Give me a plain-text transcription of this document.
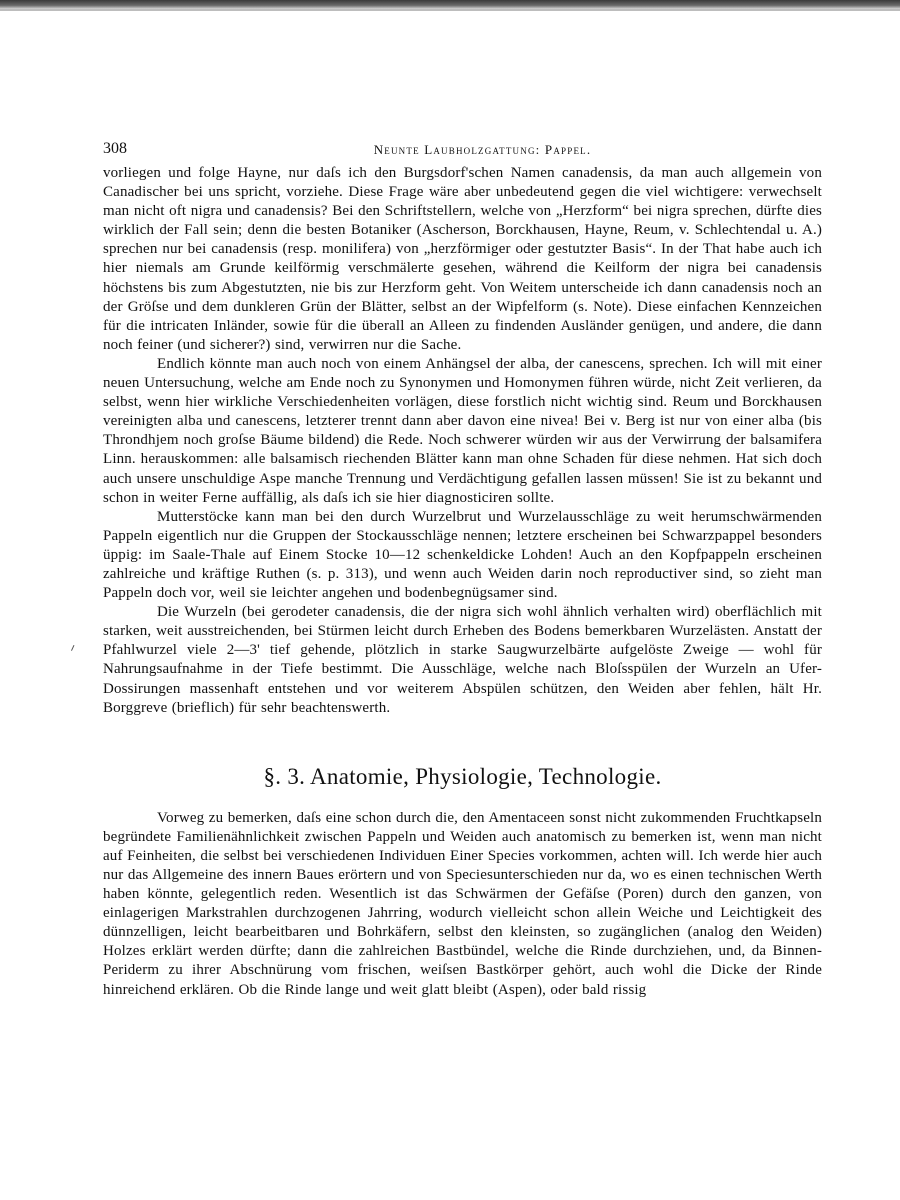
308	Neunte Laubholzgattung: Pappel.

vorliegen und folge Hayne, nur daſs ich den Burgsdorf'schen Namen canadensis, da man auch allgemein von Canadischer bei uns spricht, vorziehe. Diese Frage wäre aber unbedeutend gegen die viel wichtigere: verwechselt man nicht oft nigra und canadensis? Bei den Schriftstellern, welche von „Herzform“ bei nigra sprechen, dürfte dies wirklich der Fall sein; denn die besten Botaniker (Ascherson, Borckhausen, Hayne, Reum, v. Schlechtendal u. A.) sprechen nur bei canadensis (resp. monilifera) von „herzförmiger oder gestutzter Basis“. In der That habe auch ich hier niemals am Grunde keilförmig verschmälerte gesehen, während die Keilform der nigra bei canadensis höchstens bis zum Abgestutzten, nie bis zur Herzform geht. Von Weitem unterscheide ich dann canadensis noch an der Gröſse und dem dunkleren Grün der Blätter, selbst an der Wipfelform (s. Note). Diese einfachen Kennzeichen für die intricaten Inländer, sowie für die überall an Alleen zu findenden Ausländer genügen, und andere, die dann noch feiner (und sicherer?) sind, verwirren nur die Sache.

Endlich könnte man auch noch von einem Anhängsel der alba, der canescens, sprechen. Ich will mit einer neuen Untersuchung, welche am Ende noch zu Synonymen und Homonymen führen würde, nicht Zeit verlieren, da selbst, wenn hier wirkliche Verschiedenheiten vorlägen, diese forstlich nicht wichtig sind. Reum und Borckhausen vereinigten alba und canescens, letzterer trennt dann aber davon eine nivea! Bei v. Berg ist nur von einer alba (bis Throndhjem noch groſse Bäume bildend) die Rede. Noch schwerer würden wir aus der Verwirrung der balsamifera Linn. herauskommen: alle balsamisch riechenden Blätter kann man ohne Schaden für diese nehmen. Hat sich doch auch unsere unschuldige Aspe manche Trennung und Verdächtigung gefallen lassen müssen! Sie ist zu bekannt und schon in weiter Ferne auffällig, als daſs ich sie hier diagnosticiren sollte.

Mutterstöcke kann man bei den durch Wurzelbrut und Wurzelausschläge zu weit herumschwärmenden Pappeln eigentlich nur die Gruppen der Stockausschläge nennen; letztere erscheinen bei Schwarzpappel besonders üppig: im Saale-Thale auf Einem Stocke 10—12 schenkeldicke Lohden! Auch an den Kopfpappeln erscheinen zahlreiche und kräftige Ruthen (s. p. 313), und wenn auch Weiden darin noch reproductiver sind, so zieht man Pappeln doch vor, weil sie leichter angehen und bodenbegnügsamer sind.

Die Wurzeln (bei gerodeter canadensis, die der nigra sich wohl ähnlich verhalten wird) oberflächlich mit starken, weit ausstreichenden, bei Stürmen leicht durch Erheben des Bodens bemerkbaren Wurzelästen. Anstatt der Pfahlwurzel viele 2—3' tief gehende, plötzlich in starke Saugwurzelbärte aufgelöste Zweige — wohl für Nahrungsaufnahme in der Tiefe bestimmt. Die Ausschläge, welche nach Bloſsspülen der Wurzeln an Ufer-Dossirungen massenhaft entstehen und vor weiterem Abspülen schützen, den Weiden aber fehlen, hält Hr. Borggreve (brieflich) für sehr beachtenswerth.

§. 3. Anatomie, Physiologie, Technologie.

Vorweg zu bemerken, daſs eine schon durch die, den Amentaceen sonst nicht zukommenden Fruchtkapseln begründete Familienähnlichkeit zwischen Pappeln und Weiden auch anatomisch zu bemerken ist, wenn man nicht auf Feinheiten, die selbst bei verschiedenen Individuen Einer Species vorkommen, achten will. Ich werde hier auch nur das Allgemeine des innern Baues erörtern und von Speciesunterschieden nur da, wo es einen technischen Werth haben könnte, gelegentlich reden. Wesentlich ist das Schwärmen der Gefäſse (Poren) durch den ganzen, von einlagerigen Markstrahlen durchzogenen Jahrring, wodurch vielleicht schon allein Weiche und Leichtigkeit des dünnzelligen, leicht bearbeitbaren und Bohrkäfern, selbst den kleinsten, so zugänglichen (analog den Weiden) Holzes erklärt werden dürfte; dann die zahlreichen Bastbündel, welche die Rinde durchziehen, und, da Binnen-Periderm zu ihrer Abschnürung vom frischen, weiſsen Bastkörper gehört, auch wohl die Dicke der Rinde hinreichend erklären. Ob die Rinde lange und weit glatt bleibt (Aspen), oder bald rissig
